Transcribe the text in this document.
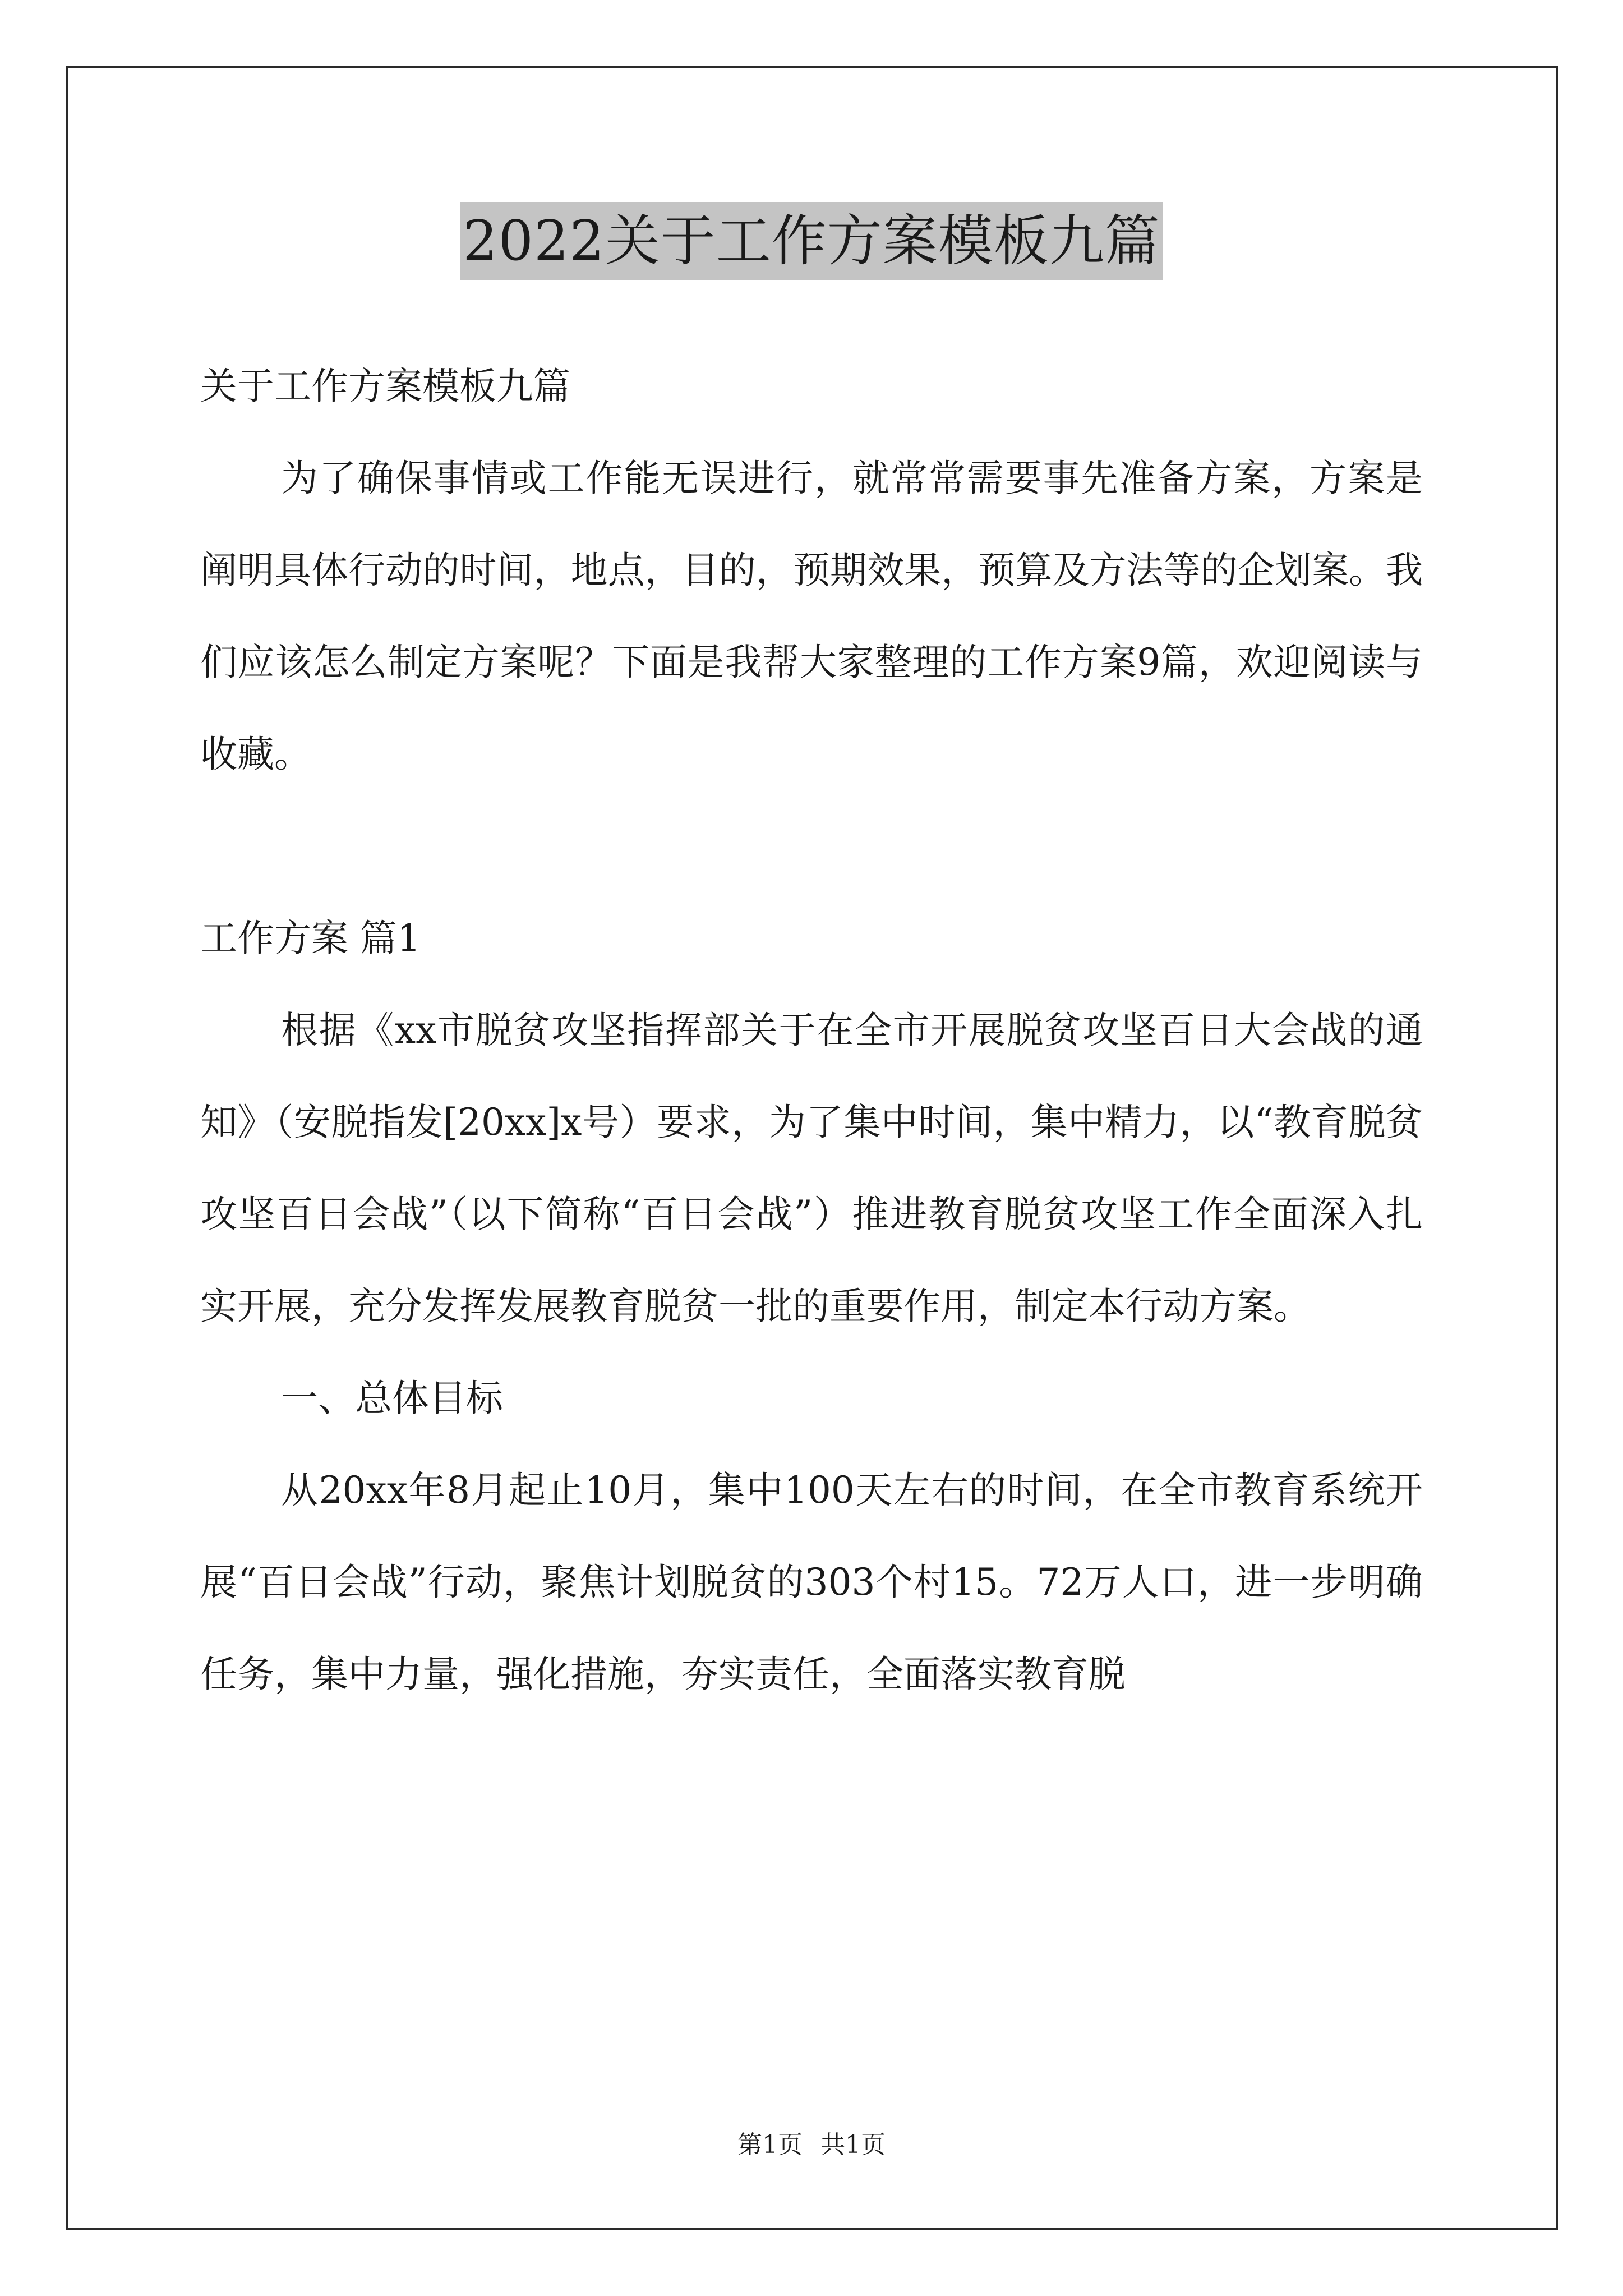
2022关于工作方案模板九篇

关于工作方案模板九篇

为了确保事情或工作能无误进行，就常常需要事先准备方案，方案是阐明具体行动的时间，地点，目的，预期效果，预算及方法等的企划案。我们应该怎么制定方案呢？下面是我帮大家整理的工作方案9篇，欢迎阅读与收藏。

工作方案 篇1

根据《xx市脱贫攻坚指挥部关于在全市开展脱贫攻坚百日大会战的通知》（安脱指发[20xx]x号）要求，为了集中时间，集中精力，以“教育脱贫攻坚百日会战”（以下简称“百日会战”）推进教育脱贫攻坚工作全面深入扎实开展，充分发挥发展教育脱贫一批的重要作用，制定本行动方案。

一、总体目标

从20xx年8月起止10月，集中100天左右的时间，在全市教育系统开展“百日会战”行动，聚焦计划脱贫的303个村15。72万人口，进一步明确任务，集中力量，强化措施，夯实责任，全面落实教育脱

第1页 共1页
